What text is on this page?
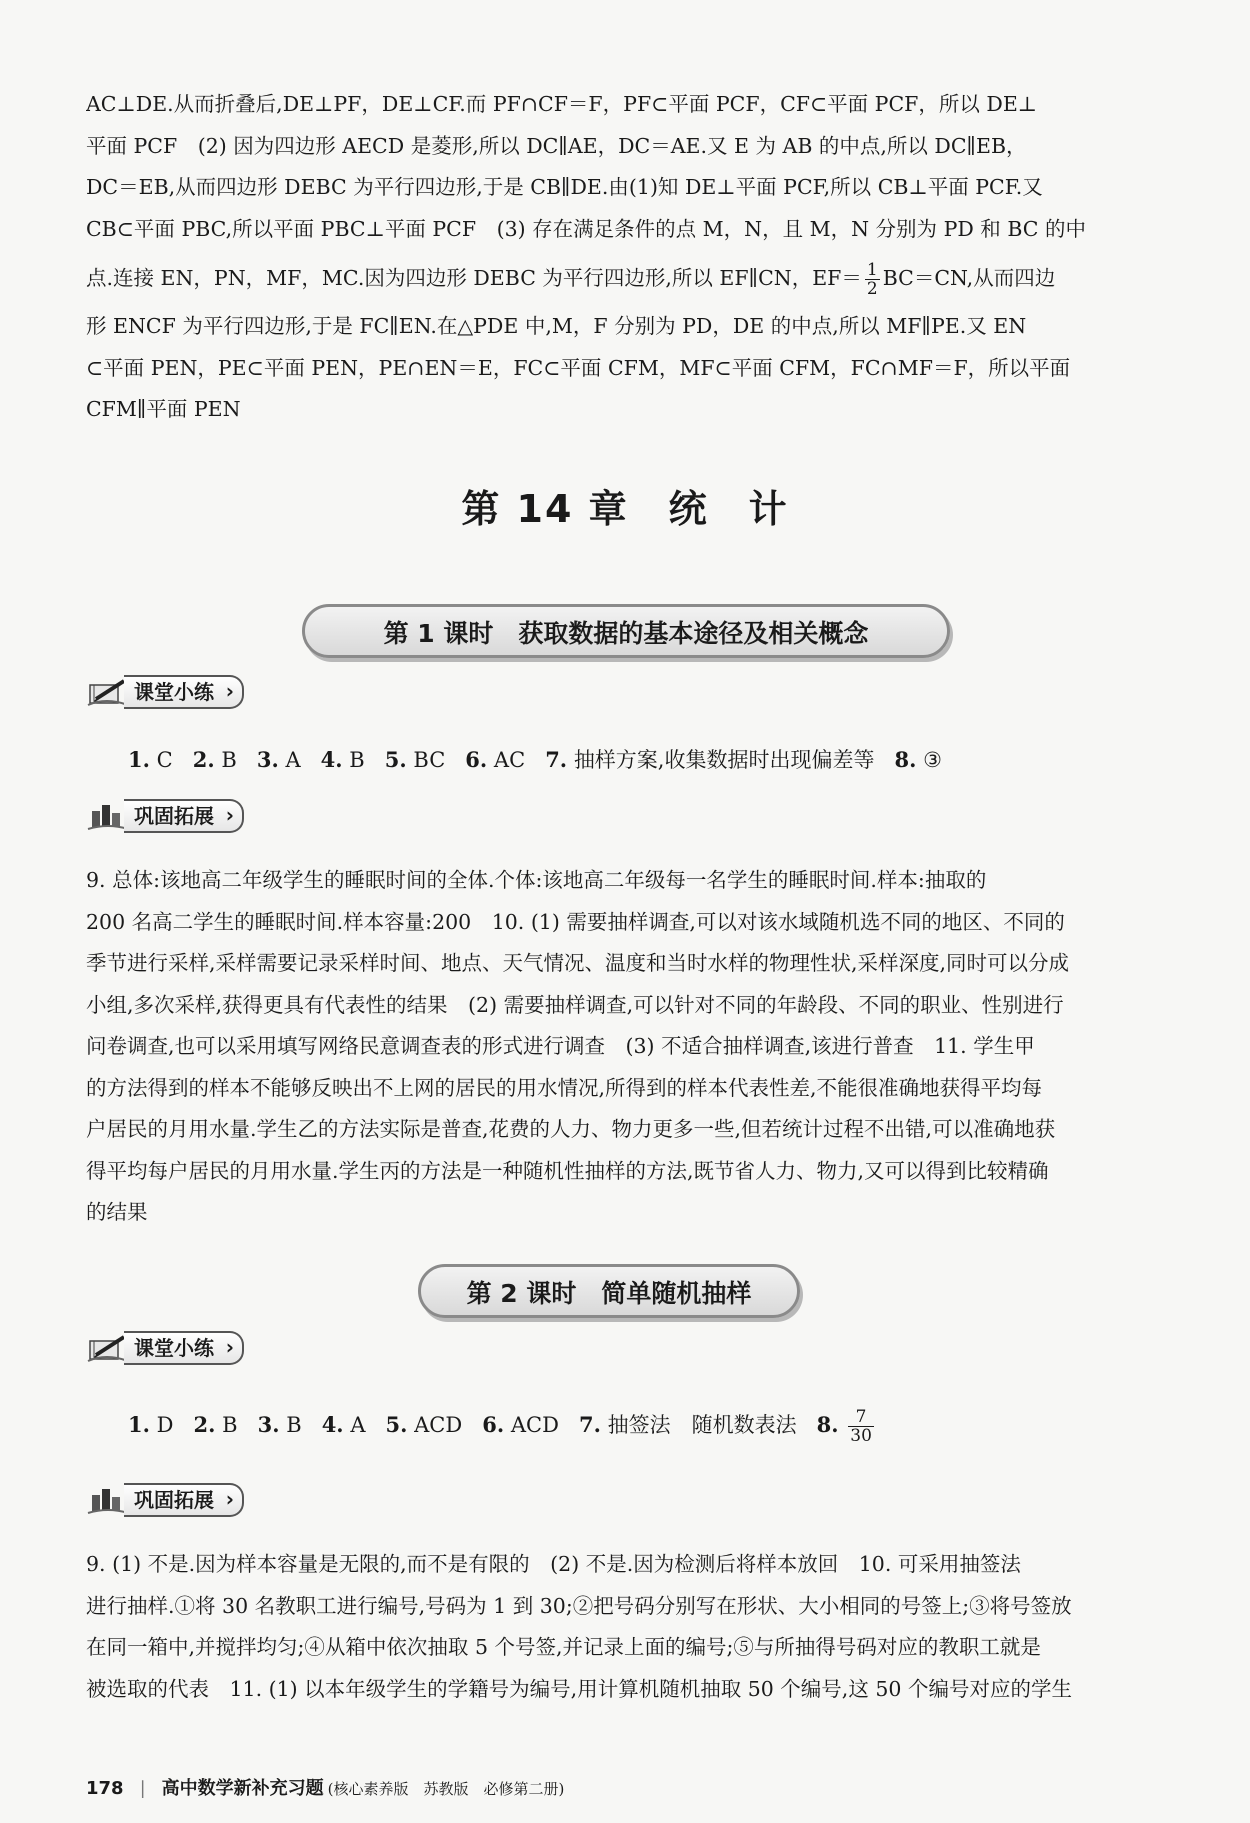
AC⊥DE.从而折叠后,DE⊥PF，DE⊥CF.而 PF∩CF＝F，PF⊂平面 PCF，CF⊂平面 PCF，所以 DE⊥
平面 PCF　(2) 因为四边形 AECD 是菱形,所以 DC∥AE，DC＝AE.又 E 为 AB 的中点,所以 DC∥EB，
DC＝EB,从而四边形 DEBC 为平行四边形,于是 CB∥DE.由(1)知 DE⊥平面 PCF,所以 CB⊥平面 PCF.又
CB⊂平面 PBC,所以平面 PBC⊥平面 PCF　(3) 存在满足条件的点 M，N，且 M，N 分别为 PD 和 BC 的中
点.连接 EN，PN，MF，MC.因为四边形 DEBC 为平行四边形,所以 EF∥CN，$EF= \frac{1}{2} BC=CN$,从而四边
形 ENCF 为平行四边形,于是 FC∥EN.在△PDE 中,M，F 分别为 PD，DE 的中点,所以 MF∥PE.又 EN
⊂平面 PEN，PE⊂平面 PEN，PE∩EN＝E，FC⊂平面 CFM，MF⊂平面 CFM，FC∩MF＝F，所以平面
CFM∥平面 PEN
第 14 章　统　计
第 1 课时　获取数据的基本途径及相关概念
课堂小练 ›
1. C 2. B 3. A 4. B 5. BC 6. AC 7. 抽样方案,收集数据时出现偏差等 8. ③
巩固拓展 ›
9. 总体:该地高二年级学生的睡眠时间的全体.个体:该地高二年级每一名学生的睡眠时间.样本:抽取的
200 名高二学生的睡眠时间.样本容量:200　10. (1) 需要抽样调查,可以对该水域随机选不同的地区、不同的
季节进行采样,采样需要记录采样时间、地点、天气情况、温度和当时水样的物理性状,采样深度,同时可以分成
小组,多次采样,获得更具有代表性的结果　(2) 需要抽样调查,可以针对不同的年龄段、不同的职业、性别进行
问卷调查,也可以采用填写网络民意调查表的形式进行调查　(3) 不适合抽样调查,该进行普查　11. 学生甲
的方法得到的样本不能够反映出不上网的居民的用水情况,所得到的样本代表性差,不能很准确地获得平均每
户居民的月用水量.学生乙的方法实际是普查,花费的人力、物力更多一些,但若统计过程不出错,可以准确地获
得平均每户居民的月用水量.学生丙的方法是一种随机性抽样的方法,既节省人力、物力,又可以得到比较精确
的结果
第 2 课时　简单随机抽样
课堂小练 ›
1. D 2. B 3. B 4. A 5. ACD 6. ACD 7. 抽签法　随机数表法 8. $\frac{7}{30}$
巩固拓展 ›
9. (1) 不是.因为样本容量是无限的,而不是有限的　(2) 不是.因为检测后将样本放回　10. 可采用抽签法
进行抽样.①将 30 名教职工进行编号,号码为 1 到 30;②把号码分别写在形状、大小相同的号签上;③将号签放
在同一箱中,并搅拌均匀;④从箱中依次抽取 5 个号签,并记录上面的编号;⑤与所抽得号码对应的教职工就是
被选取的代表　11. (1) 以本年级学生的学籍号为编号,用计算机随机抽取 50 个编号,这 50 个编号对应的学生
178 | 高中数学新补充习题 (核心素养版　苏教版　必修第二册)
